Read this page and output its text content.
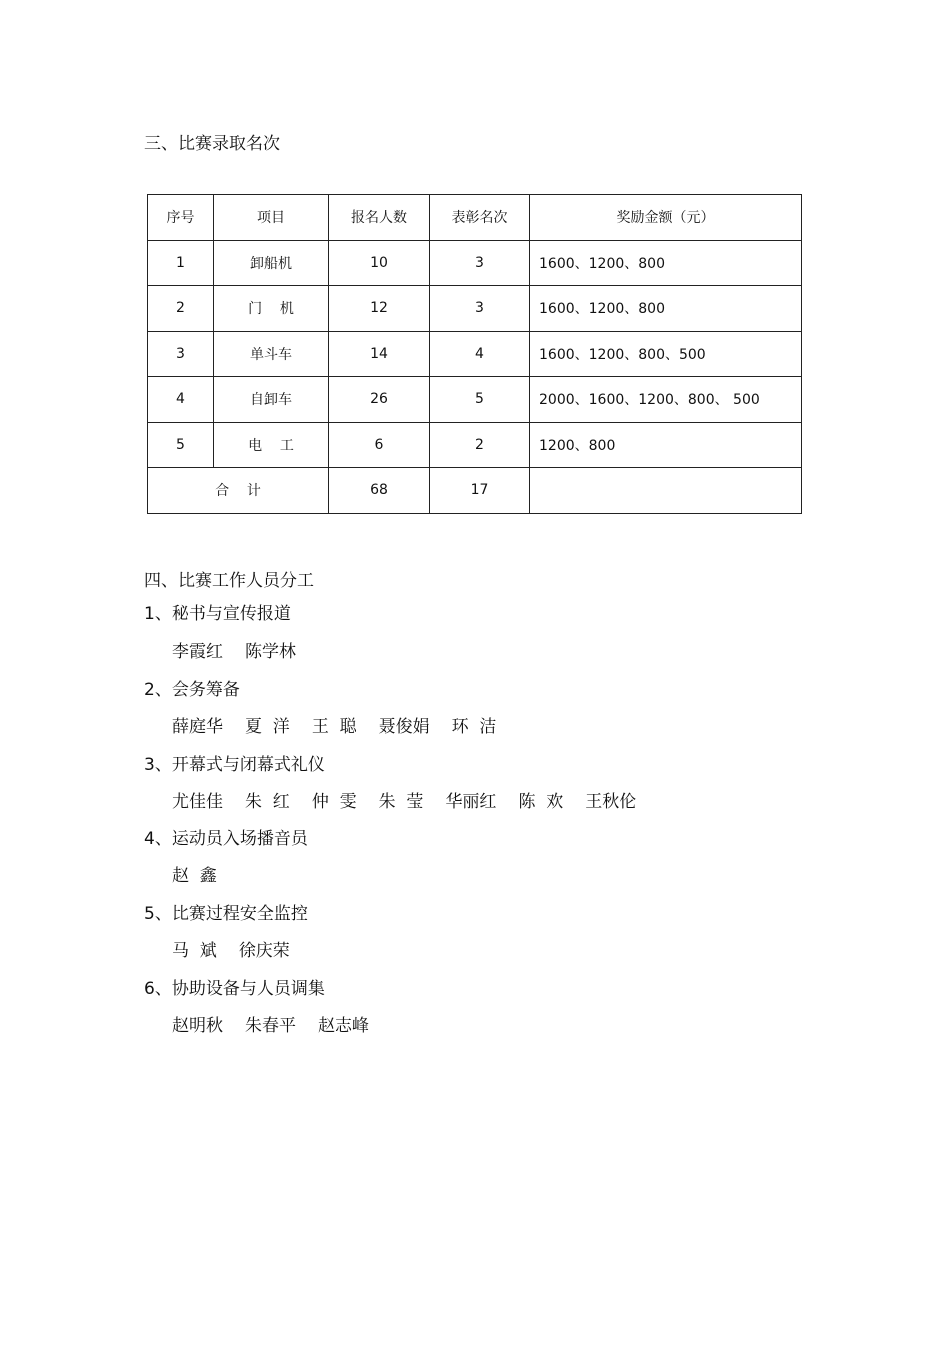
三、比赛录取名次
序号	项目	报名人数	表彰名次	奖励金额（元）
1	卸船机	10	3	1600、1200、800
2	门    机	12	3	1600、1200、800
3	单斗车	14	4	1600、1200、800、500
4	自卸车	26	5	2000、1600、1200、800、 500
5	电    工	6	2	1200、800
合    计		68	17	
四、比赛工作人员分工
1、秘书与宣传报道
李霞红 陈学林
2、会务筹备
薛庭华 夏  洋 王  聪 聂俊娟 环  洁
3、开幕式与闭幕式礼仪
尤佳佳 朱  红 仲  雯 朱  莹 华丽红 陈  欢 王秋伦
4、运动员入场播音员
赵  鑫
5、比赛过程安全监控
马  斌 徐庆荣
6、协助设备与人员调集
赵明秋 朱春平 赵志峰
